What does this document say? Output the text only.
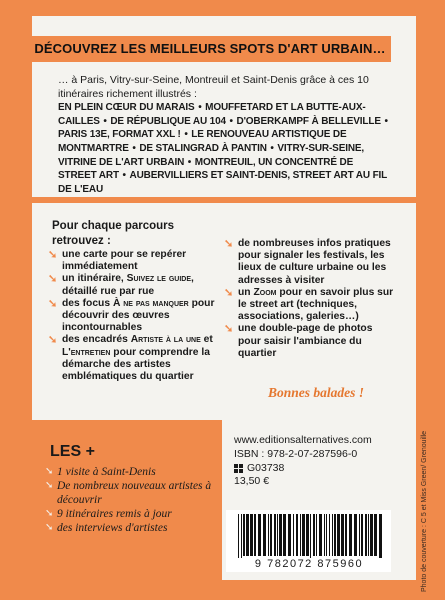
DÉCOUVREZ LES MEILLEURS SPOTS D'ART URBAIN…
… à Paris, Vitry-sur-Seine, Montreuil et Saint-Denis grâce à ces 10 itinéraires richement illustrés :
EN PLEIN CŒUR DU MARAIS • MOUFFETARD ET LA BUTTE-AUX-CAILLES • DE RÉPUBLIQUE AU 104 • D'OBERKAMPF À BELLEVILLE • PARIS 13E, FORMAT XXL ! • LE RENOUVEAU ARTISTIQUE DE MONTMARTRE • DE STALINGRAD À PANTIN • VITRY-SUR-SEINE, VITRINE DE L'ART URBAIN • MONTREUIL, UN CONCENTRÉ DE STREET ART • AUBERVILLIERS ET SAINT-DENIS, STREET ART AU FIL DE L'EAU
Pour chaque parcours retrouvez :
➘ une carte pour se repérer immédiatement
➘ un itinéraire, Suivez le guide, détaillé rue par rue
➘ des focus À ne pas manquer pour découvrir des œuvres incontournables
➘ des encadrés Artiste à la une et L'entretien pour comprendre la démarche des artistes emblématiques du quartier
➘ de nombreuses infos pratiques pour signaler les festivals, les lieux de culture urbaine ou les adresses à visiter
➘ un Zoom pour en savoir plus sur le street art (techniques, associations, galeries…)
➘ une double-page de photos pour saisir l'ambiance du quartier
Bonnes balades !
LES +
➘ 1 visite à Saint-Denis
➘ De nombreux nouveaux artistes à découvrir
➘ 9 itinéraires remis à jour
➘ des interviews d'artistes
www.editionsalternatives.com
ISBN : 978-2-07-287596-0
G03738
13,50 €
9 782072 875960	Photo de couverture : C 5 et Miss Green/ Grenouille
